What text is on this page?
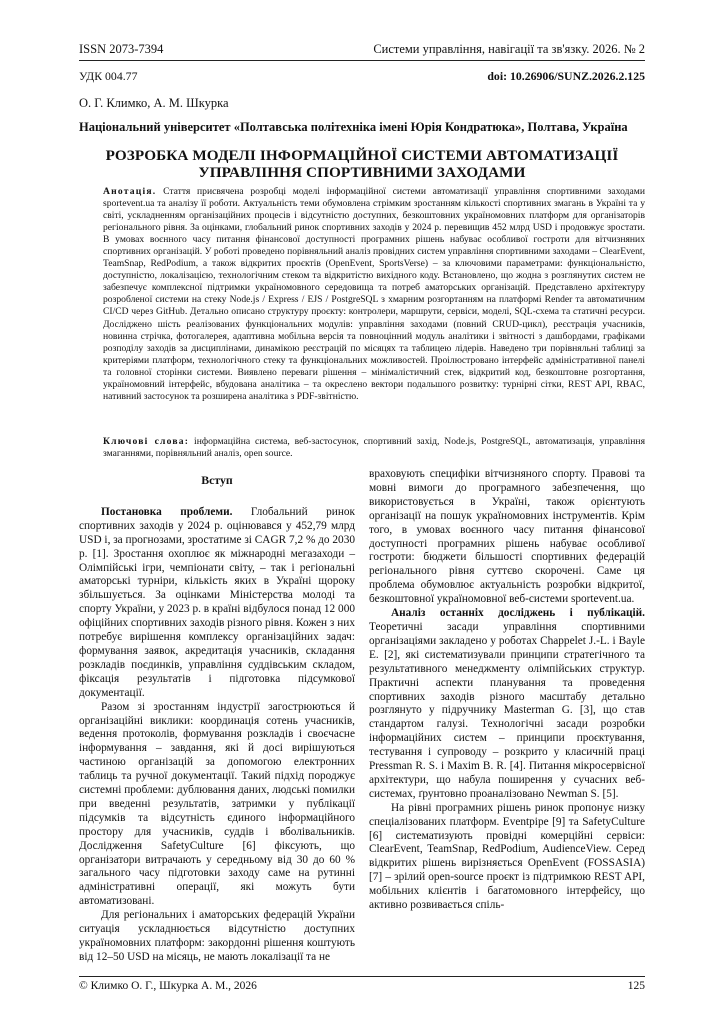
ISSN 2073-7394	Системи управління, навігації та зв'язку. 2026. № 2
УДК 004.77	doi: 10.26906/SUNZ.2026.2.125
О. Г. Климко, А. М. Шкурка
Національний університет «Полтавська політехніка імені Юрія Кондратюка», Полтава, Україна
РОЗРОБКА МОДЕЛІ ІНФОРМАЦІЙНОЇ СИСТЕМИ АВТОМАТИЗАЦІЇ УПРАВЛІННЯ СПОРТИВНИМИ ЗАХОДАМИ
Анотація. Стаття присвячена розробці моделі інформаційної системи автоматизації управління спортивними заходами sportevent.ua та аналізу її роботи. Актуальність теми обумовлена стрімким зростанням кількості спортивних змагань в Україні та у світі, ускладненням організаційних процесів і відсутністю доступних, безкоштовних україномовних платформ для організаторів регіонального рівня. За оцінками, глобальний ринок спортивних заходів у 2024 р. перевищив 452 млрд USD і продовжує зростати. В умовах воєнного часу питання фінансової доступності програмних рішень набуває особливої гостроти для вітчизняних спортивних організацій. У роботі проведено порівняльний аналіз провідних систем управління спортивними заходами – ClearEvent, TeamSnap, RedPodium, а також відкритих проєктів (OpenEvent, SportsVerse) – за ключовими параметрами: функціональністю, доступністю, локалізацією, технологічним стеком та відкритістю вихідного коду. Встановлено, що жодна з розглянутих систем не забезпечує комплексної підтримки україномовного середовища та потреб аматорських організацій. Представлено архітектуру розробленої системи на стеку Node.js / Express / EJS / PostgreSQL з хмарним розгортанням на платформі Render та автоматичним CI/CD через GitHub. Детально описано структуру проєкту: контролери, маршрути, сервіси, моделі, SQL-схема та статичні ресурси. Досліджено шість реалізованих функціональних модулів: управління заходами (повний CRUD-цикл), реєстрація учасників, новинна стрічка, фотогалерея, адаптивна мобільна версія та повноцінний модуль аналітики і звітності з дашбордами, графіками розподілу заходів за дисциплінами, динамікою реєстрацій по місяцях та таблицею лідерів. Наведено три порівняльні таблиці за критеріями платформ, технологічного стеку та функціональних можливостей. Проілюстровано інтерфейс адміністративної панелі та головної сторінки системи. Виявлено переваги рішення – мінімалістичний стек, відкритий код, безкоштовне розгортання, україномовний інтерфейс, вбудована аналітика – та окреслено вектори подальшого розвитку: турнірні сітки, REST API, RBAC, нативний застосунок та розширена аналітика з PDF-звітністю.
Ключові слова: інформаційна система, веб-застосунок, спортивний захід, Node.js, PostgreSQL, автоматизація, управління змаганнями, порівняльний аналіз, open source.
Вступ

Постановка проблеми. Глобальний ринок спортивних заходів у 2024 р. оцінювався у 452,79 млрд USD і, за прогнозами, зростатиме зі CAGR 7,2 % до 2030 р. [1]. Зростання охоплює як міжнародні мегазаходи – Олімпійські ігри, чемпіонати світу, – так і регіональні аматорські турніри, кількість яких в Україні щороку збільшується. За оцінками Міністерства молоді та спорту України, у 2023 р. в країні відбулося понад 12 000 офіційних спортивних заходів різного рівня. Кожен з них потребує вирішення комплексу організаційних задач: формування заявок, акредитація учасників, складання розкладів поєдинків, управління суддівським складом, фіксація результатів і підготовка підсумкової документації.

Разом зі зростанням індустрії загострюються й організаційні виклики: координація сотень учасників, ведення протоколів, формування розкладів і своєчасне інформування – завдання, які й досі вирішуються частиною організацій за допомогою електронних таблиць та ручної документації. Такий підхід породжує системні проблеми: дублювання даних, людські помилки при введенні результатів, затримки у публікації підсумків та відсутність єдиного інформаційного простору для учасників, суддів і вболівальників. Дослідження SafetyCulture [6] фіксують, що організатори витрачають у середньому від 30 до 60 % загального часу підготовки заходу саме на рутинні адміністративні операції, які можуть бути автоматизовані.

Для регіональних і аматорських федерацій України ситуація ускладнюється відсутністю доступних україномовних платформ: закордонні рішення коштують від 12–50 USD на місяць, не мають локалізації та не

враховують специфіки вітчизняного спорту. Правові та мовні вимоги до програмного забезпечення, що використовується в Україні, також орієнтують організації на пошук україномовних інструментів. Крім того, в умовах воєнного часу питання фінансової доступності програмних рішень набуває особливої гостроти: бюджети більшості спортивних федерацій регіонального рівня суттєво скорочені. Саме ця проблема обумовлює актуальність розробки відкритої, безкоштовної україномовної веб-системи sportevent.ua.

Аналіз останніх досліджень і публікацій. Теоретичні засади управління спортивними організаціями закладено у роботах Chappelet J.-L. і Bayle E. [2], які систематизували принципи стратегічного та результативного менеджменту олімпійських структур. Практичні аспекти планування та проведення спортивних заходів різного масштабу детально розглянуто у підручнику Masterman G. [3], що став стандартом галузі. Технологічні засади розробки інформаційних систем – принципи проєктування, тестування і супроводу – розкрито у класичній праці Pressman R. S. і Maxim B. R. [4]. Питання мікросервісної архітектури, що набула поширення у сучасних веб-системах, ґрунтовно проаналізовано Newman S. [5].

На рівні програмних рішень ринок пропонує низку спеціалізованих платформ. Eventpipe [9] та SafetyCulture [6] систематизують провідні комерційні сервіси: ClearEvent, TeamSnap, RedPodium, AudienceView. Серед відкритих рішень вирізняється OpenEvent (FOSSASIA) [7] – зрілий open-source проєкт із підтримкою REST API, мобільних клієнтів і багатомовного інтерфейсу, що активно розвивається спіль-

© Климко О. Г., Шкурка А. М., 2026	125
